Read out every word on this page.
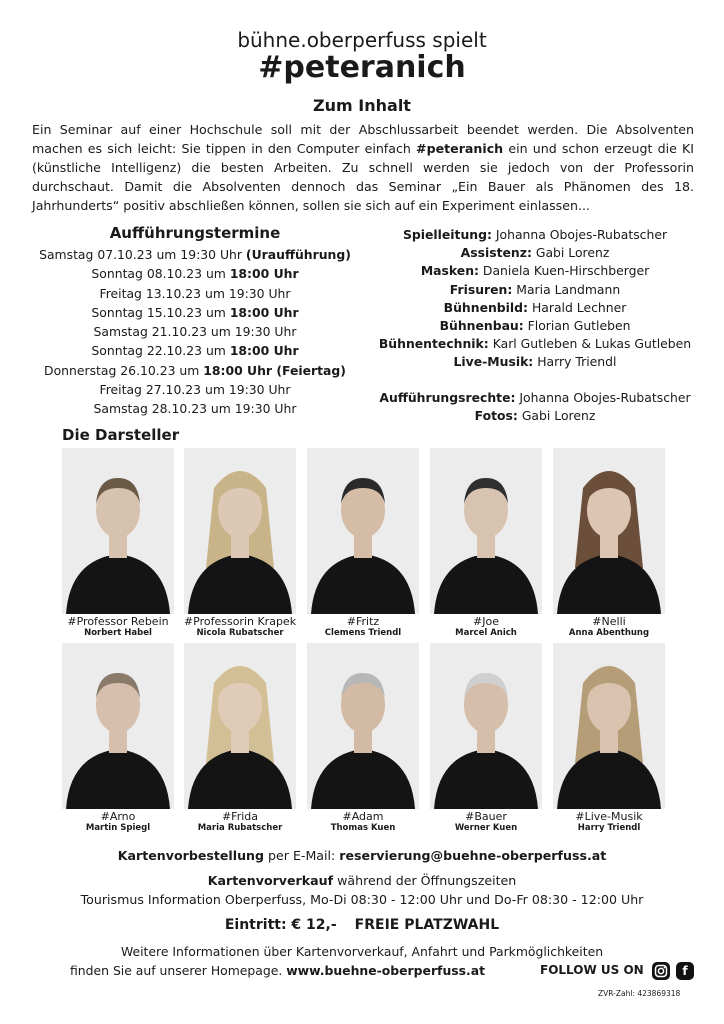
bühne.oberperfuss spielt
#peteranich
Zum Inhalt
Ein Seminar auf einer Hochschule soll mit der Abschlussarbeit beendet werden. Die Absolventen machen es sich leicht: Sie tippen in den Computer einfach #peteranich ein und schon erzeugt die KI (künstliche Intelligenz) die besten Arbeiten. Zu schnell werden sie jedoch von der Professorin durchschaut. Damit die Absolventen dennoch das Seminar „Ein Bauer als Phänomen des 18. Jahrhunderts“ positiv abschließen können, sollen sie sich auf ein Experiment einlassen...
Aufführungstermine
Samstag 07.10.23 um 19:30 Uhr (Uraufführung)
Sonntag 08.10.23 um 18:00 Uhr
Freitag 13.10.23 um 19:30 Uhr
Sonntag 15.10.23 um 18:00 Uhr
Samstag 21.10.23 um 19:30 Uhr
Sonntag 22.10.23 um 18:00 Uhr
Donnerstag 26.10.23 um 18:00 Uhr (Feiertag)
Freitag 27.10.23 um 19:30 Uhr
Samstag 28.10.23 um 19:30 Uhr
Spielleitung: Johanna Obojes-Rubatscher
Assistenz: Gabi Lorenz
Masken: Daniela Kuen-Hirschberger
Frisuren: Maria Landmann
Bühnenbild: Harald Lechner
Bühnenbau: Florian Gutleben
Bühnentechnik: Karl Gutleben & Lukas Gutleben
Live-Musik: Harry Triendl
Aufführungsrechte: Johanna Obojes-Rubatscher
Fotos: Gabi Lorenz
Die Darsteller
#Professor Rebein
Norbert Habel
#Professorin Krapek
Nicola Rubatscher
#Fritz
Clemens Triendl
#Joe
Marcel Anich
#Nelli
Anna Abenthung
#Arno
Martin Spiegl
#Frida
Maria Rubatscher
#Adam
Thomas Kuen
#Bauer
Werner Kuen
#Live-Musik
Harry Triendl
Kartenvorbestellung per E-Mail: reservierung@buehne-oberperfuss.at
Kartenvorverkauf während der Öffnungszeiten
Tourismus Information Oberperfuss, Mo-Di 08:30 - 12:00 Uhr und Do-Fr 08:30 - 12:00 Uhr
Eintritt: € 12,- FREIE PLATZWAHL
Weitere Informationen über Kartenvorverkauf, Anfahrt und Parkmöglichkeiten
finden Sie auf unserer Homepage. www.buehne-oberperfuss.at	FOLLOW US ON	f
ZVR-Zahl: 423869318
